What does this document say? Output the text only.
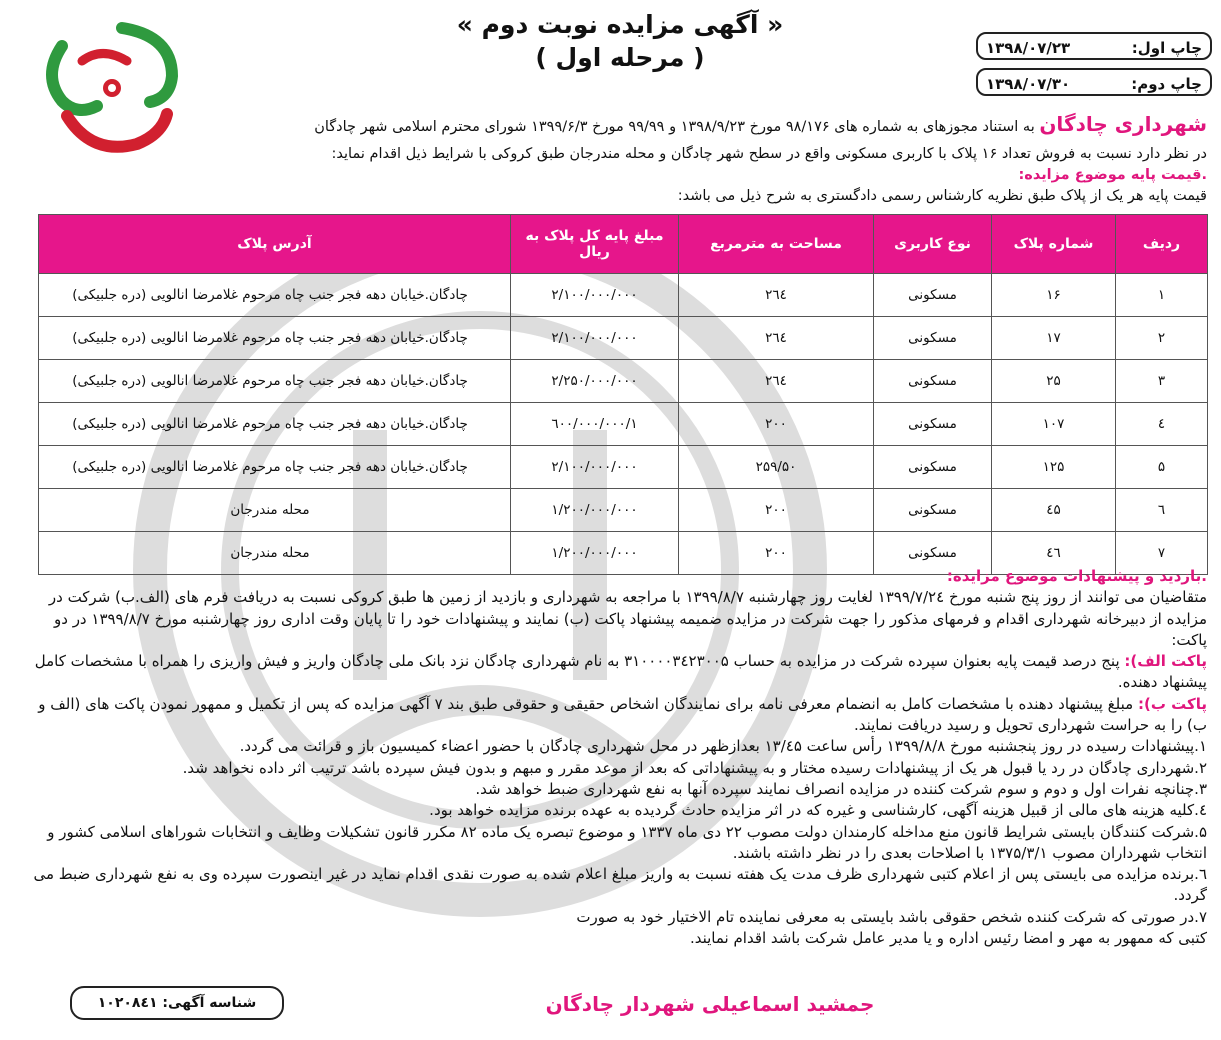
« آگهی مزایده نوبت دوم »
( مرحله اول )	چاپ اول:
۱۳۹۸/۰۷/۲۳
چاپ دوم:
۱۳۹۸/۰۷/۳۰
شهرداری چادگان به استناد مجوزهای به شماره های ۹۸/۱۷۶ مورخ ۱۳۹۸/۹/۲۳ و ۹۹/۹۹ مورخ ۱۳۹۹/۶/۳ شورای محترم اسلامی شهر چادگان
در نظر دارد نسبت به فروش تعداد ۱۶ پلاک با کاربری مسکونی واقع در سطح شهر چادگان و محله مندرجان طبق کروکی با شرایط ذیل اقدام نماید:
.قیمت پایه موضوع مزایده:
قیمت پایه هر یک از پلاک طبق نظریه کارشناس رسمی دادگستری به شرح ذیل می باشد:
ردیف	شماره پلاک	نوع کاربری	مساحت به مترمربع	مبلغ پایه کل پلاک به ریال	آدرس پلاک
۱	۱۶	مسکونی	۲٦٤	۲/۱۰۰/۰۰۰/۰۰۰	چادگان.خیابان دهه فجر جنب چاه مرحوم غلامرضا انالویی (دره جلبیکی)
۲	۱۷	مسکونی	۲٦٤	۲/۱۰۰/۰۰۰/۰۰۰	چادگان.خیابان دهه فجر جنب چاه مرحوم غلامرضا انالویی (دره جلبیکی)
۳	۲۵	مسکونی	۲٦٤	۲/۲۵۰/۰۰۰/۰۰۰	چادگان.خیابان دهه فجر جنب چاه مرحوم غلامرضا انالویی (دره جلبیکی)
٤	۱۰۷	مسکونی	۲۰۰	۱/٦۰۰/۰۰۰/۰۰۰	چادگان.خیابان دهه فجر جنب چاه مرحوم غلامرضا انالویی (دره جلبیکی)
۵	۱۲۵	مسکونی	۲۵۹/۵۰	۲/۱۰۰/۰۰۰/۰۰۰	چادگان.خیابان دهه فجر جنب چاه مرحوم غلامرضا انالویی (دره جلبیکی)
٦	٤۵	مسکونی	۲۰۰	۱/۲۰۰/۰۰۰/۰۰۰	محله مندرجان
۷	٤٦	مسکونی	۲۰۰	۱/۲۰۰/۰۰۰/۰۰۰	محله مندرجان

.بازدید و پیشنهادات موضوع مزایده:

متقاضیان می توانند از روز پنج شنبه مورخ ۱۳۹۹/۷/۲٤ لغایت روز چهارشنبه ۱۳۹۹/۸/۷ با مراجعه به شهرداری و بازدید از زمین ها طبق کروکی نسبت به دریافت فرم های (الف.ب) شرکت در مزایده از دبیرخانه شهرداری اقدام و فرمهای مذکور را جهت شرکت در مزایده ضمیمه پیشنهاد پاکت (ب) نمایند و پیشنهادات خود را تا پایان وقت اداری روز چهارشنبه مورخ ۱۳۹۹/۸/۷ در دو پاکت:

پاکت الف): پنج درصد قیمت پایه بعنوان سپرده شرکت در مزایده به حساب ۳۱۰۰۰۰۳٤۲۳۰۰۵ به نام شهرداری چادگان نزد بانک ملی چادگان واریز و فیش واریزی را همراه با مشخصات کامل پیشنهاد دهنده.

پاکت ب): مبلغ پیشنهاد دهنده با مشخصات کامل به انضمام معرفی نامه برای نمایندگان اشخاص حقیقی و حقوقی طبق بند ۷ آگهی مزایده که پس از تکمیل و ممهور نمودن پاکت های (الف و ب) را به حراست شهرداری تحویل و رسید دریافت نمایند.

۱.پیشنهادات رسیده در روز پنجشنبه مورخ ۱۳۹۹/۸/۸ رأس ساعت ۱۳/٤۵ بعدازظهر در محل شهرداری چادگان با حضور اعضاء کمیسیون باز و قرائت می گردد.

۲.شهرداری چادگان در رد یا قبول هر یک از پیشنهادات رسیده مختار و به پیشنهاداتی که بعد از موعد مقرر و مبهم و بدون فیش سپرده باشد ترتیب اثر داده نخواهد شد.

۳.چنانچه نفرات اول و دوم و سوم شرکت کننده در مزایده انصراف نمایند سپرده آنها به نفع شهرداری ضبط خواهد شد.

٤.کلیه هزینه های مالی از قبیل هزینه آگهی، کارشناسی و غیره که در اثر مزایده حادث گردیده به عهده برنده مزایده خواهد بود.

۵.شرکت کنندگان بایستی شرایط قانون منع مداخله کارمندان دولت مصوب ۲۲ دی ماه ۱۳۳۷ و موضوع تبصره یک ماده ۸۲ مکرر قانون تشکیلات وظایف و انتخابات شوراهای اسلامی کشور و انتخاب شهرداران مصوب ۱۳۷۵/۳/۱ با اصلاحات بعدی را در نظر داشته باشند.

٦.برنده مزایده می بایستی پس از اعلام کتبی شهرداری ظرف مدت یک هفته نسبت به واریز مبلغ اعلام شده به صورت نقدی اقدام نماید در غیر اینصورت سپرده وی به نفع شهرداری ضبط می گردد.

۷.در صورتی که شرکت کننده شخص حقوقی باشد بایستی به معرفی نماینده تام الاختیار خود به صورت کتبی که ممهور به مهر و امضا رئیس اداره و یا مدیر عامل شرکت باشد اقدام نمایند.

جمشید اسماعیلی شهردار چادگان
شناسه آگهی: ۱۰۲۰۸٤۱
